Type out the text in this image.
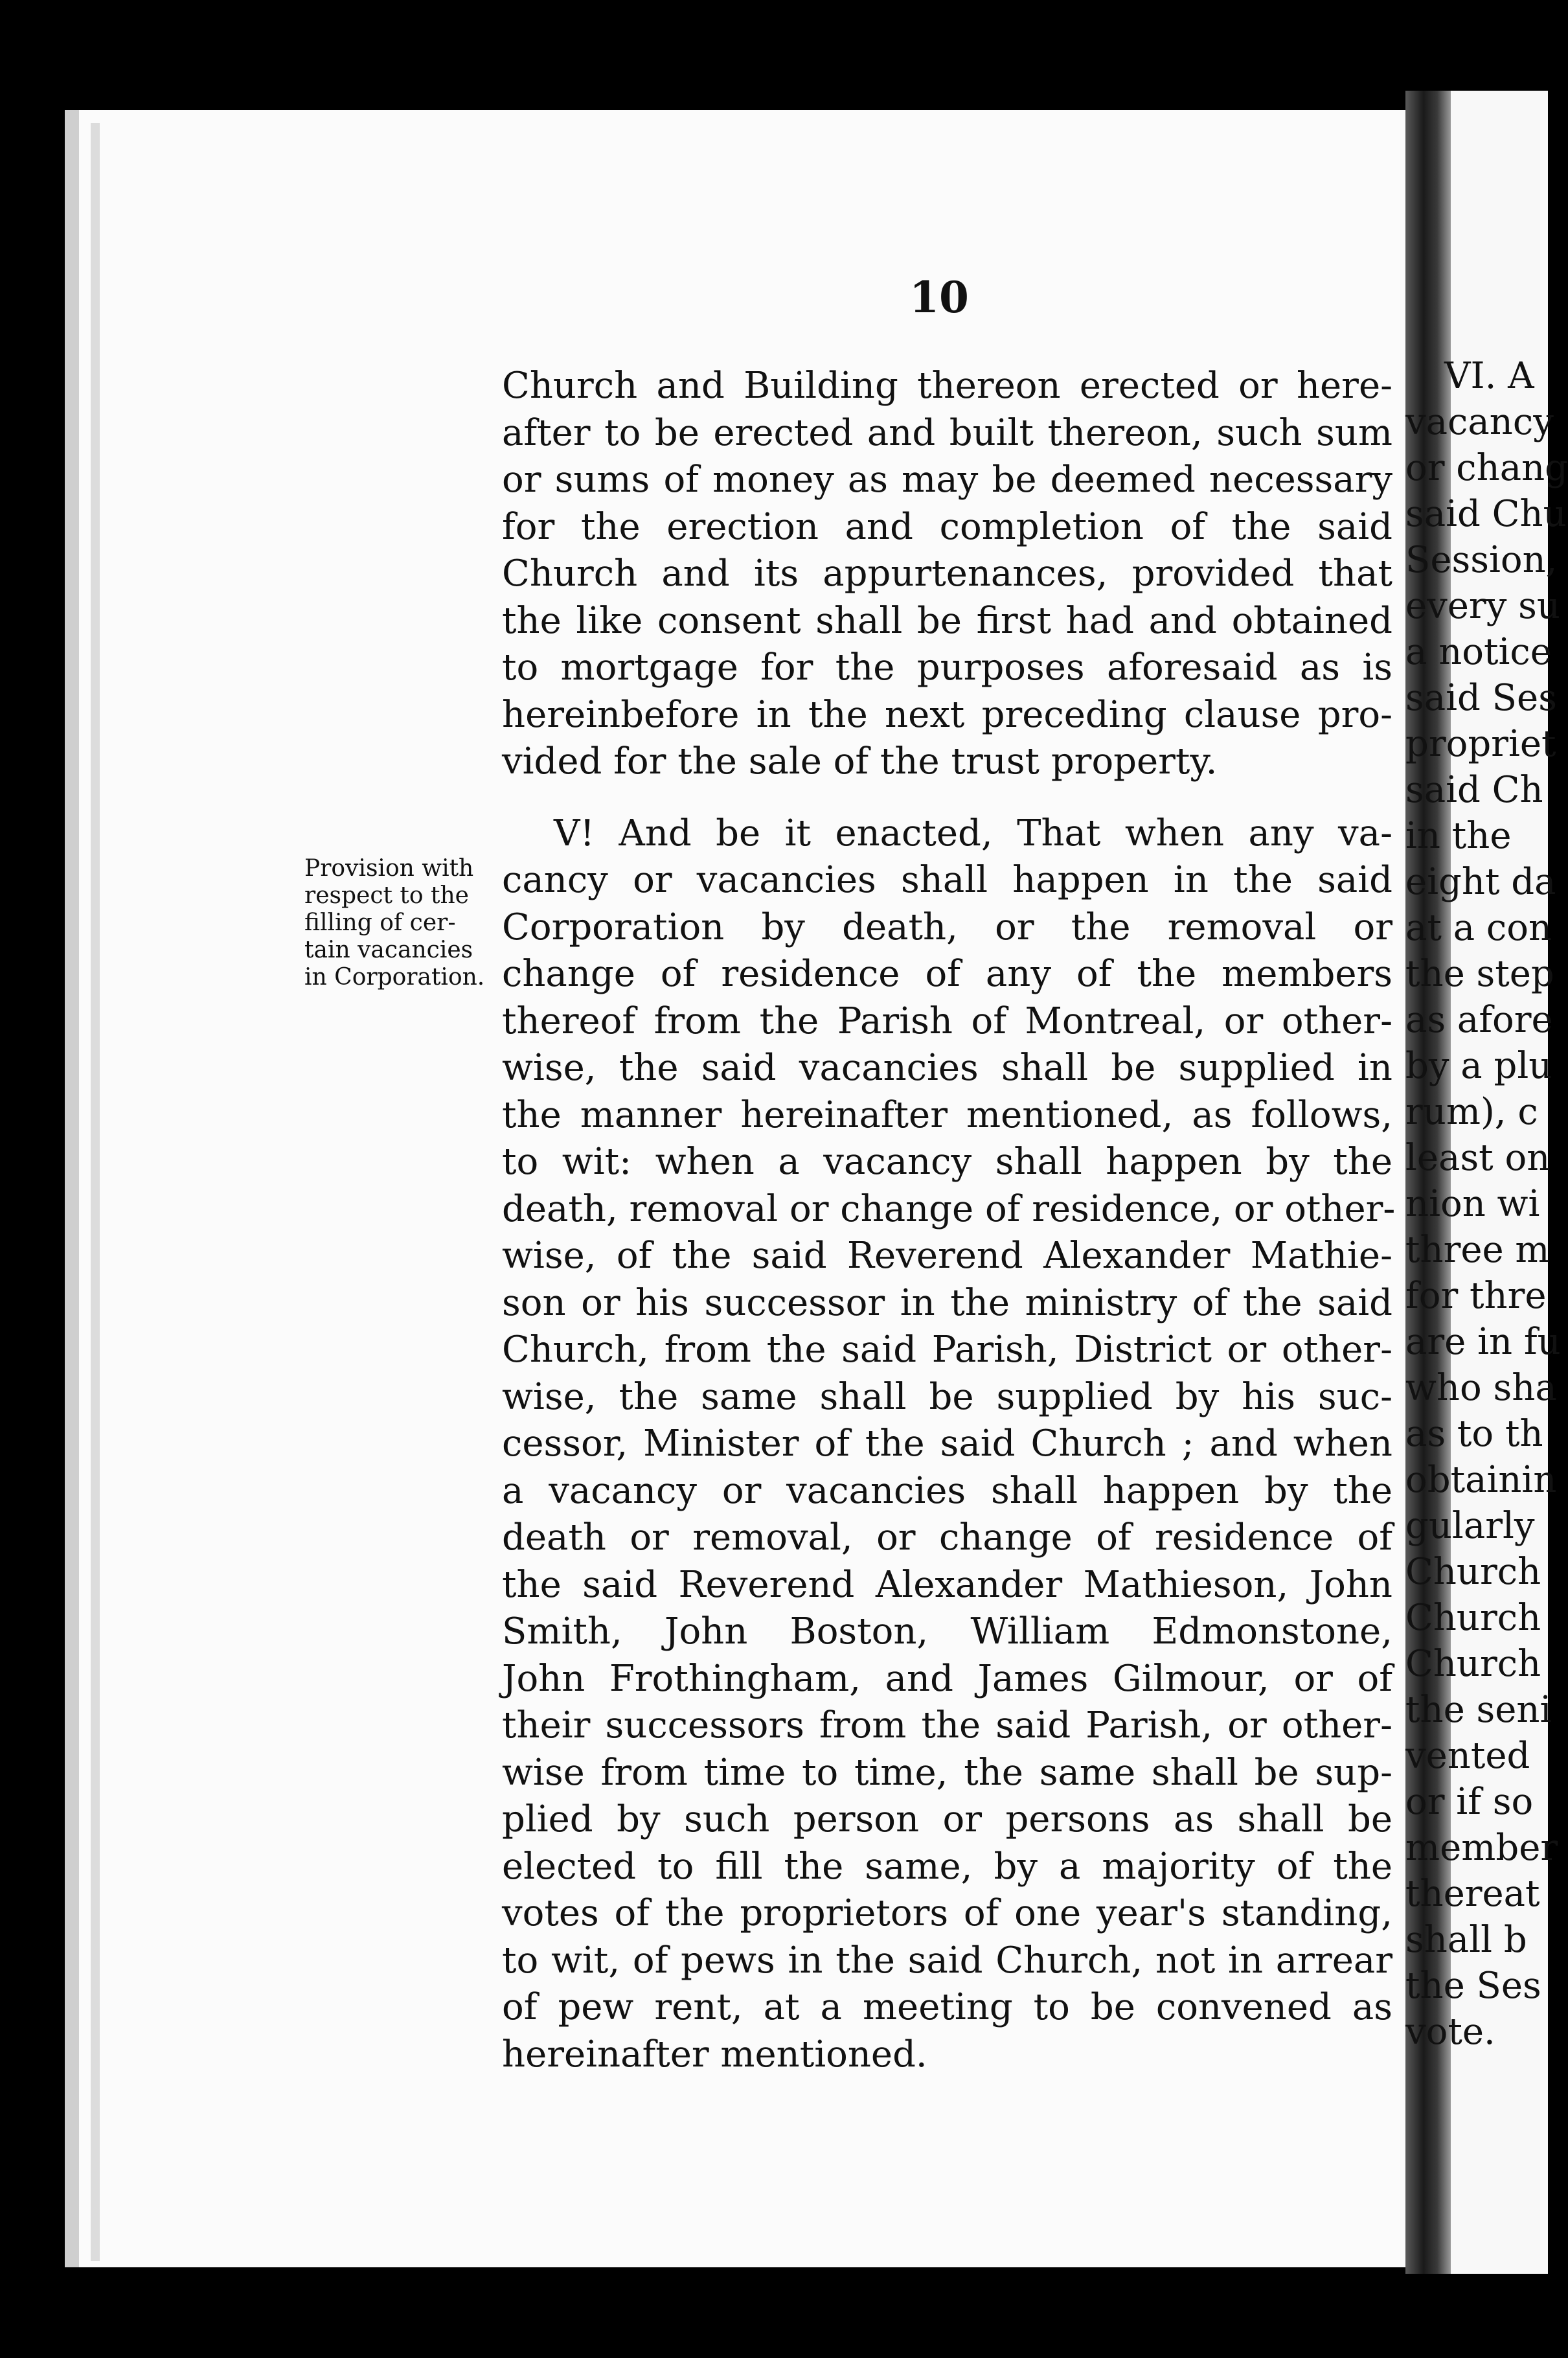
10
Provision with
respect to the
filling of cer-
tain vacancies
in Corporation.
Church and Building thereon erected or here-
after to be erected and built thereon, such sum
or sums of money as may be deemed necessary
for the erection and completion of the said
Church and its appurtenances, provided that
the like consent shall be first had and obtained
to mortgage for the purposes aforesaid as is
hereinbefore in the next preceding clause pro-
vided for the sale of the trust property.
V! And be it enacted, That when any va-
cancy or vacancies shall happen in the said
Corporation by death, or the removal or
change of residence of any of the members
thereof from the Parish of Montreal, or other-
wise, the said vacancies shall be supplied in
the manner hereinafter mentioned, as follows,
to wit: when a vacancy shall happen by the
death, removal or change of residence, or other-
wise, of the said Reverend Alexander Mathie-
son or his successor in the ministry of the said
Church, from the said Parish, District or other-
wise, the same shall be supplied by his suc-
cessor, Minister of the said Church ; and when
a vacancy or vacancies shall happen by the
death or removal, or change of residence of
the said Reverend Alexander Mathieson, John
Smith, John Boston, William Edmonstone,
John Frothingham, and James Gilmour, or of
their successors from the said Parish, or other-
wise from time to time, the same shall be sup-
plied by such person or persons as shall be
elected to fill the same, by a majority of the
votes of the proprietors of one year's standing,
to wit, of pews in the said Church, not in arrear
of pew rent, at a meeting to be convened as
hereinafter mentioned.
VI. A
vacancy
or chang
said Chu
Session,
every su
a notice
said Ses
propriet
said Ch
in the
eight da
at a con
the step
as afore
by a plu
rum), c
least on
nion wi
three m
for thre
are in fu
who sha
as to th
obtainin
gularly
Church
Church
Church
the seni
vented
or if so
member
thereat
shall b
the Ses
vote.
